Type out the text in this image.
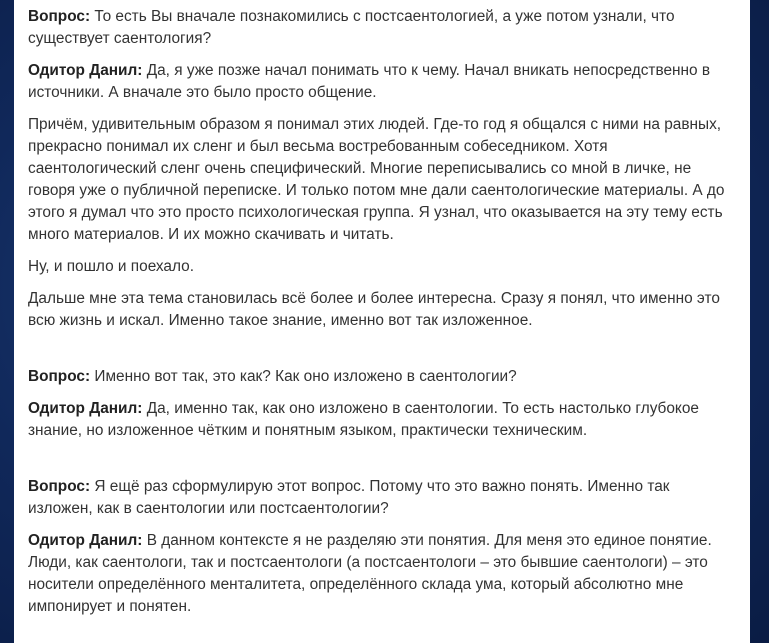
Вопрос: То есть Вы вначале познакомились с постсаентологией, а уже потом узнали, что существует саентология?

Одитор Данил: Да, я уже позже начал понимать что к чему. Начал вникать непосредственно в источники. А вначале это было просто общение.

Причём, удивительным образом я понимал этих людей. Где-то год я общался с ними на равных, прекрасно понимал их сленг и был весьма востребованным собеседником. Хотя саентологический сленг очень специфический. Многие переписывались со мной в личке, не говоря уже о публичной переписке. И только потом мне дали саентологические материалы. А до этого я думал что это просто психологическая группа. Я узнал, что оказывается на эту тему есть много материалов. И их можно скачивать и читать.

Ну, и пошло и поехало.

Дальше мне эта тема становилась всё более и более интересна. Сразу я понял, что именно это всю жизнь и искал. Именно такое знание, именно вот так изложенное.

Вопрос: Именно вот так, это как? Как оно изложено в саентологии?

Одитор Данил: Да, именно так, как оно изложено в саентологии. То есть настолько глубокое знание, но изложенное чётким и понятным языком, практически техническим.

Вопрос: Я ещё раз сформулирую этот вопрос. Потому что это важно понять. Именно так изложен, как в саентологии или постсаентологии?

Одитор Данил: В данном контексте я не разделяю эти понятия. Для меня это единое понятие. Люди, как саентологи, так и постсаентологи (а постсаентологи – это бывшие саентологи) – это носители определённого менталитета, определённого склада ума, который абсолютно мне импонирует и понятен.
